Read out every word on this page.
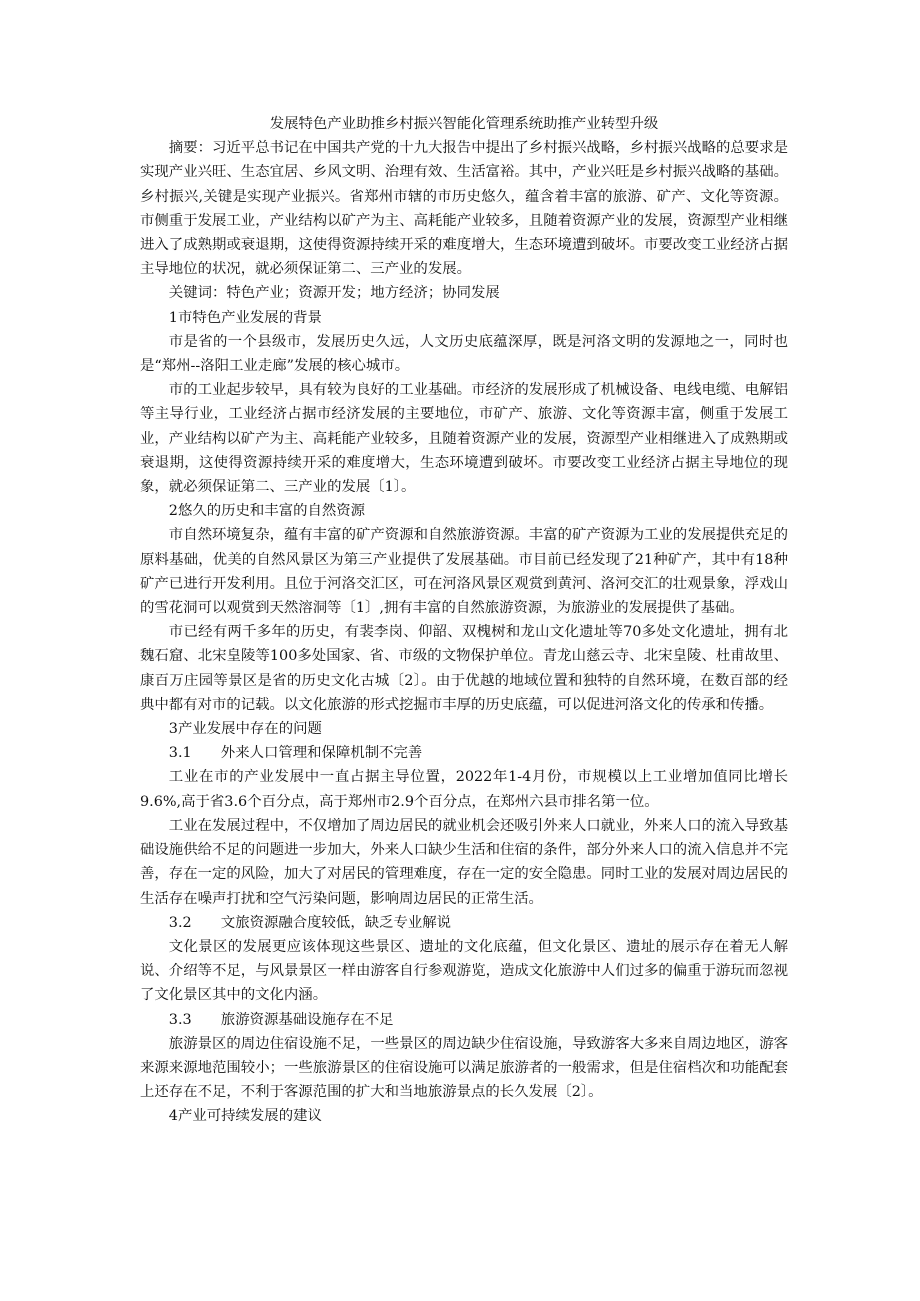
发展特色产业助推乡村振兴智能化管理系统助推产业转型升级

摘要：习近平总书记在中国共产党的十九大报告中提出了乡村振兴战略，乡村振兴战略的总要求是实现产业兴旺、生态宜居、乡风文明、治理有效、生活富裕。其中，产业兴旺是乡村振兴战略的基础。乡村振兴,关键是实现产业振兴。省郑州市辖的市历史悠久，蕴含着丰富的旅游、矿产、文化等资源。市侧重于发展工业，产业结构以矿产为主、高耗能产业较多，且随着资源产业的发展，资源型产业相继进入了成熟期或衰退期，这使得资源持续开采的难度增大，生态环境遭到破坏。市要改变工业经济占据主导地位的状况，就必须保证第二、三产业的发展。

关键词：特色产业；资源开发；地方经济；协同发展

1市特色产业发展的背景

市是省的一个县级市，发展历史久远，人文历史底蕴深厚，既是河洛文明的发源地之一，同时也是“郑州--洛阳工业走廊”发展的核心城市。

市的工业起步较早，具有较为良好的工业基础。市经济的发展形成了机械设备、电线电缆、电解铝等主导行业，工业经济占据市经济发展的主要地位，市矿产、旅游、文化等资源丰富，侧重于发展工业，产业结构以矿产为主、高耗能产业较多，且随着资源产业的发展，资源型产业相继进入了成熟期或衰退期，这使得资源持续开采的难度增大，生态环境遭到破坏。市要改变工业经济占据主导地位的现象，就必须保证第二、三产业的发展〔1〕。

2悠久的历史和丰富的自然资源

市自然环境复杂，蕴有丰富的矿产资源和自然旅游资源。丰富的矿产资源为工业的发展提供充足的原料基础，优美的自然风景区为第三产业提供了发展基础。市目前已经发现了21种矿产，其中有18种矿产已进行开发利用。且位于河洛交汇区，可在河洛风景区观赏到黄河、洛河交汇的壮观景象，浮戏山的雪花洞可以观赏到天然溶洞等〔1〕,拥有丰富的自然旅游资源，为旅游业的发展提供了基础。

市已经有两千多年的历史，有裴李岗、仰韶、双槐树和龙山文化遗址等70多处文化遗址，拥有北魏石窟、北宋皇陵等100多处国家、省、市级的文物保护单位。青龙山慈云寺、北宋皇陵、杜甫故里、康百万庄园等景区是省的历史文化古城〔2〕。由于优越的地域位置和独特的自然环境，在数百部的经典中都有对市的记载。以文化旅游的形式挖掘市丰厚的历史底蕴，可以促进河洛文化的传承和传播。

3产业发展中存在的问题

3.1 外来人口管理和保障机制不完善

工业在市的产业发展中一直占据主导位置，2022年1-4月份，市规模以上工业增加值同比增长9.6%,高于省3.6个百分点，高于郑州市2.9个百分点，在郑州六县市排名第一位。

工业在发展过程中，不仅增加了周边居民的就业机会还吸引外来人口就业，外来人口的流入导致基础设施供给不足的问题进一步加大，外来人口缺少生活和住宿的条件，部分外来人口的流入信息并不完善，存在一定的风险，加大了对居民的管理难度，存在一定的安全隐患。同时工业的发展对周边居民的生活存在噪声打扰和空气污染问题，影响周边居民的正常生活。

3.2 文旅资源融合度较低，缺乏专业解说

文化景区的发展更应该体现这些景区、遗址的文化底蕴，但文化景区、遗址的展示存在着无人解说、介绍等不足，与风景景区一样由游客自行参观游览，造成文化旅游中人们过多的偏重于游玩而忽视了文化景区其中的文化内涵。

3.3 旅游资源基础设施存在不足

旅游景区的周边住宿设施不足，一些景区的周边缺少住宿设施，导致游客大多来自周边地区，游客来源来源地范围较小；一些旅游景区的住宿设施可以满足旅游者的一般需求，但是住宿档次和功能配套上还存在不足，不利于客源范围的扩大和当地旅游景点的长久发展〔2〕。

4产业可持续发展的建议
